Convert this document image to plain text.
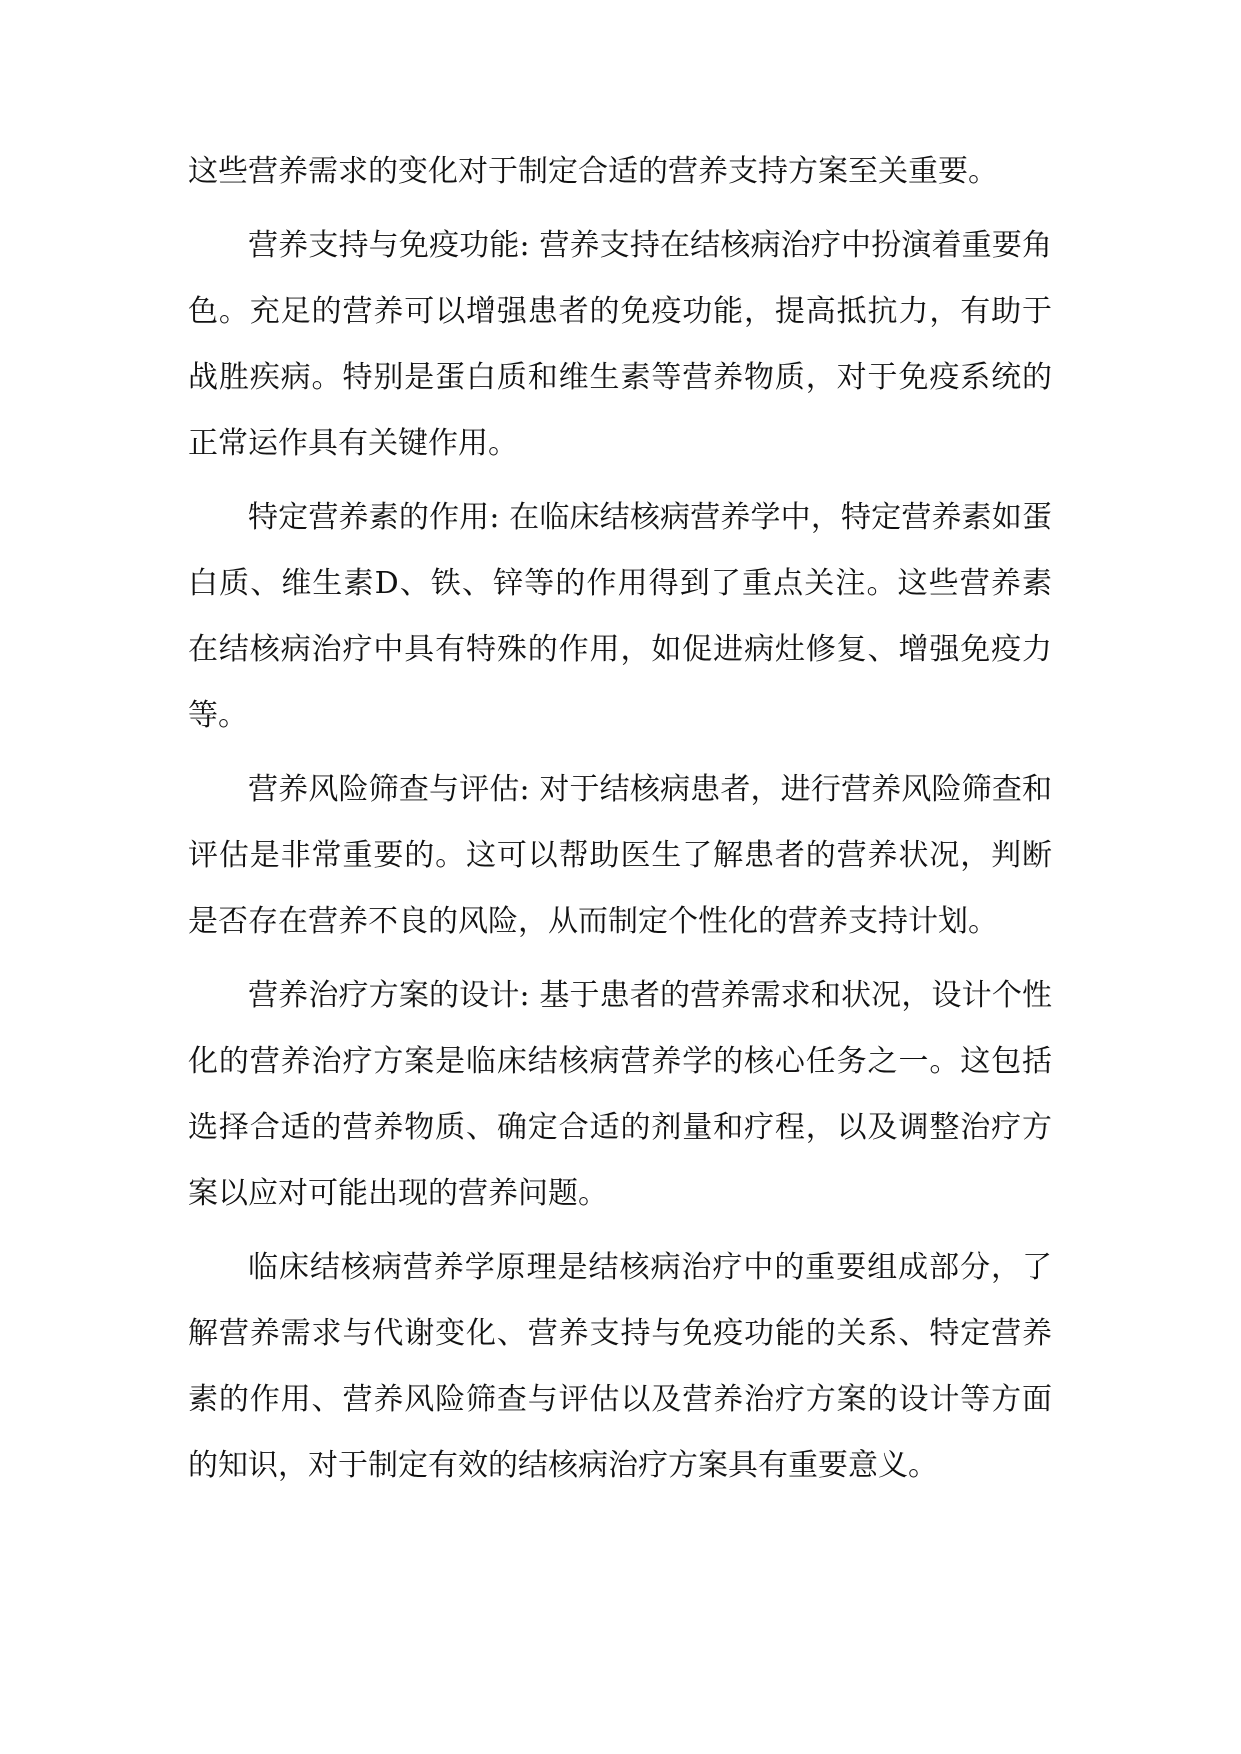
这些营养需求的变化对于制定合适的营养支持方案至关重要。

营养支持与免疫功能: 营养支持在结核病治疗中扮演着重要角色。充足的营养可以增强患者的免疫功能，提高抵抗力，有助于战胜疾病。特别是蛋白质和维生素等营养物质，对于免疫系统的正常运作具有关键作用。

特定营养素的作用: 在临床结核病营养学中，特定营养素如蛋白质、维生素D、铁、锌等的作用得到了重点关注。这些营养素在结核病治疗中具有特殊的作用，如促进病灶修复、增强免疫力等。

营养风险筛查与评估: 对于结核病患者，进行营养风险筛查和评估是非常重要的。这可以帮助医生了解患者的营养状况，判断是否存在营养不良的风险，从而制定个性化的营养支持计划。

营养治疗方案的设计: 基于患者的营养需求和状况，设计个性化的营养治疗方案是临床结核病营养学的核心任务之一。这包括选择合适的营养物质、确定合适的剂量和疗程，以及调整治疗方案以应对可能出现的营养问题。

临床结核病营养学原理是结核病治疗中的重要组成部分，了解营养需求与代谢变化、营养支持与免疫功能的关系、特定营养素的作用、营养风险筛查与评估以及营养治疗方案的设计等方面的知识，对于制定有效的结核病治疗方案具有重要意义。
